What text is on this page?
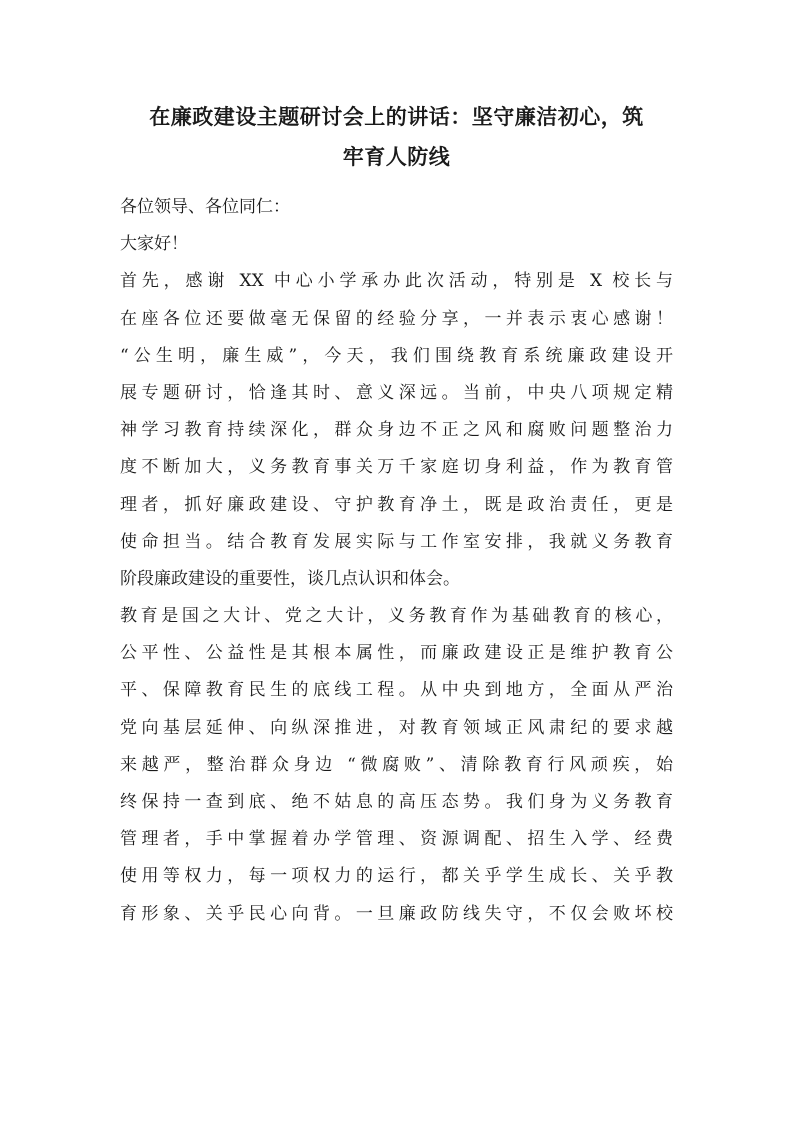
在廉政建设主题研讨会上的讲话：坚守廉洁初心，筑
牢育人防线
各位领导、各位同仁：
大家好！
首先，感谢 XX 中心小学承办此次活动，特别是 X 校长与
在座各位还要做毫无保留的经验分享，一并表示衷心感谢！
“公生明，廉生威”，今天，我们围绕教育系统廉政建设开
展专题研讨，恰逢其时、意义深远。当前，中央八项规定精
神学习教育持续深化，群众身边不正之风和腐败问题整治力
度不断加大，义务教育事关万千家庭切身利益，作为教育管
理者，抓好廉政建设、守护教育净土，既是政治责任，更是
使命担当。结合教育发展实际与工作室安排，我就义务教育
阶段廉政建设的重要性，谈几点认识和体会。
教育是国之大计、党之大计，义务教育作为基础教育的核心，
公平性、公益性是其根本属性，而廉政建设正是维护教育公
平、保障教育民生的底线工程。从中央到地方，全面从严治
党向基层延伸、向纵深推进，对教育领域正风肃纪的要求越
来越严，整治群众身边 “微腐败”、清除教育行风顽疾，始
终保持一查到底、绝不姑息的高压态势。我们身为义务教育
管理者，手中掌握着办学管理、资源调配、招生入学、经费
使用等权力，每一项权力的运行，都关乎学生成长、关乎教
育形象、关乎民心向背。一旦廉政防线失守，不仅会败坏校
